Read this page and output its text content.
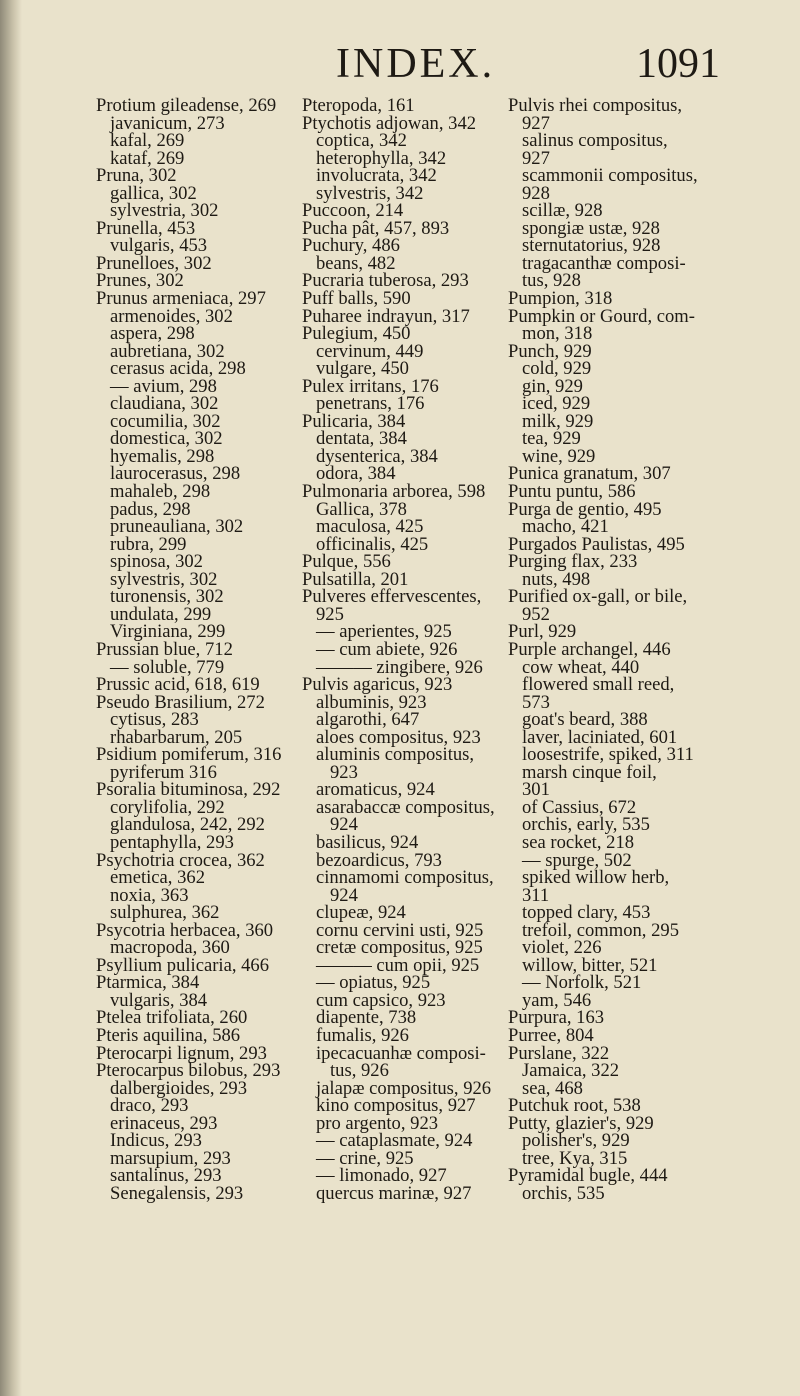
INDEX.	1091
Protium gileadense, 269
javanicum, 273
kafal, 269
kataf, 269
Pruna, 302
gallica, 302
sylvestria, 302
Prunella, 453
vulgaris, 453
Prunelloes, 302
Prunes, 302
Prunus armeniaca, 297
armenoides, 302
aspera, 298
aubretiana, 302
cerasus acida, 298
— avium, 298
claudiana, 302
cocumilia, 302
domestica, 302
hyemalis, 298
laurocerasus, 298
mahaleb, 298
padus, 298
pruneauliana, 302
rubra, 299
spinosa, 302
sylvestris, 302
turonensis, 302
undulata, 299
Virginiana, 299
Prussian blue, 712
— soluble, 779
Prussic acid, 618, 619
Pseudo Brasilium, 272
cytisus, 283
rhabarbarum, 205
Psidium pomiferum, 316
pyriferum 316
Psoralia bituminosa, 292
corylifolia, 292
glandulosa, 242, 292
pentaphylla, 293
Psychotria crocea, 362
emetica, 362
noxia, 363
sulphurea, 362
Psycotria herbacea, 360
macropoda, 360
Psyllium pulicaria, 466
Ptarmica, 384
vulgaris, 384
Ptelea trifoliata, 260
Pteris aquilina, 586
Pterocarpi lignum, 293
Pterocarpus bilobus, 293
dalbergioides, 293
draco, 293
erinaceus, 293
Indicus, 293
marsupium, 293
santalinus, 293
Senegalensis, 293
Pteropoda, 161
Ptychotis adjowan, 342
coptica, 342
heterophylla, 342
involucrata, 342
sylvestris, 342
Puccoon, 214
Pucha pât, 457, 893
Puchury, 486
beans, 482
Pucraria tuberosa, 293
Puff balls, 590
Puharee indrayun, 317
Pulegium, 450
cervinum, 449
vulgare, 450
Pulex irritans, 176
penetrans, 176
Pulicaria, 384
dentata, 384
dysenterica, 384
odora, 384
Pulmonaria arborea, 598
Gallica, 378
maculosa, 425
officinalis, 425
Pulque, 556
Pulsatilla, 201
Pulveres effervescentes,
925
— aperientes, 925
— cum abiete, 926
——— zingibere, 926
Pulvis agaricus, 923
albuminis, 923
algarothi, 647
aloes compositus, 923
aluminis compositus,
923
aromaticus, 924
asarabaccæ compositus,
924
basilicus, 924
bezoardicus, 793
cinnamomi compositus,
924
clupeæ, 924
cornu cervini usti, 925
cretæ compositus, 925
——— cum opii, 925
— opiatus, 925
cum capsico, 923
diapente, 738
fumalis, 926
ipecacuanhæ composi-
tus, 926
jalapæ compositus, 926
kino compositus, 927
pro argento, 923
— cataplasmate, 924
— crine, 925
— limonado, 927
quercus marinæ, 927
Pulvis rhei compositus,
927
salinus compositus,
927
scammonii compositus,
928
scillæ, 928
spongiæ ustæ, 928
sternutatorius, 928
tragacanthæ composi-
tus, 928
Pumpion, 318
Pumpkin or Gourd, com-
mon, 318
Punch, 929
cold, 929
gin, 929
iced, 929
milk, 929
tea, 929
wine, 929
Punica granatum, 307
Puntu puntu, 586
Purga de gentio, 495
macho, 421
Purgados Paulistas, 495
Purging flax, 233
nuts, 498
Purified ox-gall, or bile,
952
Purl, 929
Purple archangel, 446
cow wheat, 440
flowered small reed,
573
goat's beard, 388
laver, laciniated, 601
loosestrife, spiked, 311
marsh cinque foil,
301
of Cassius, 672
orchis, early, 535
sea rocket, 218
— spurge, 502
spiked willow herb,
311
topped clary, 453
trefoil, common, 295
violet, 226
willow, bitter, 521
— Norfolk, 521
yam, 546
Purpura, 163
Purree, 804
Purslane, 322
Jamaica, 322
sea, 468
Putchuk root, 538
Putty, glazier's, 929
polisher's, 929
tree, Kya, 315
Pyramidal bugle, 444
orchis, 535
